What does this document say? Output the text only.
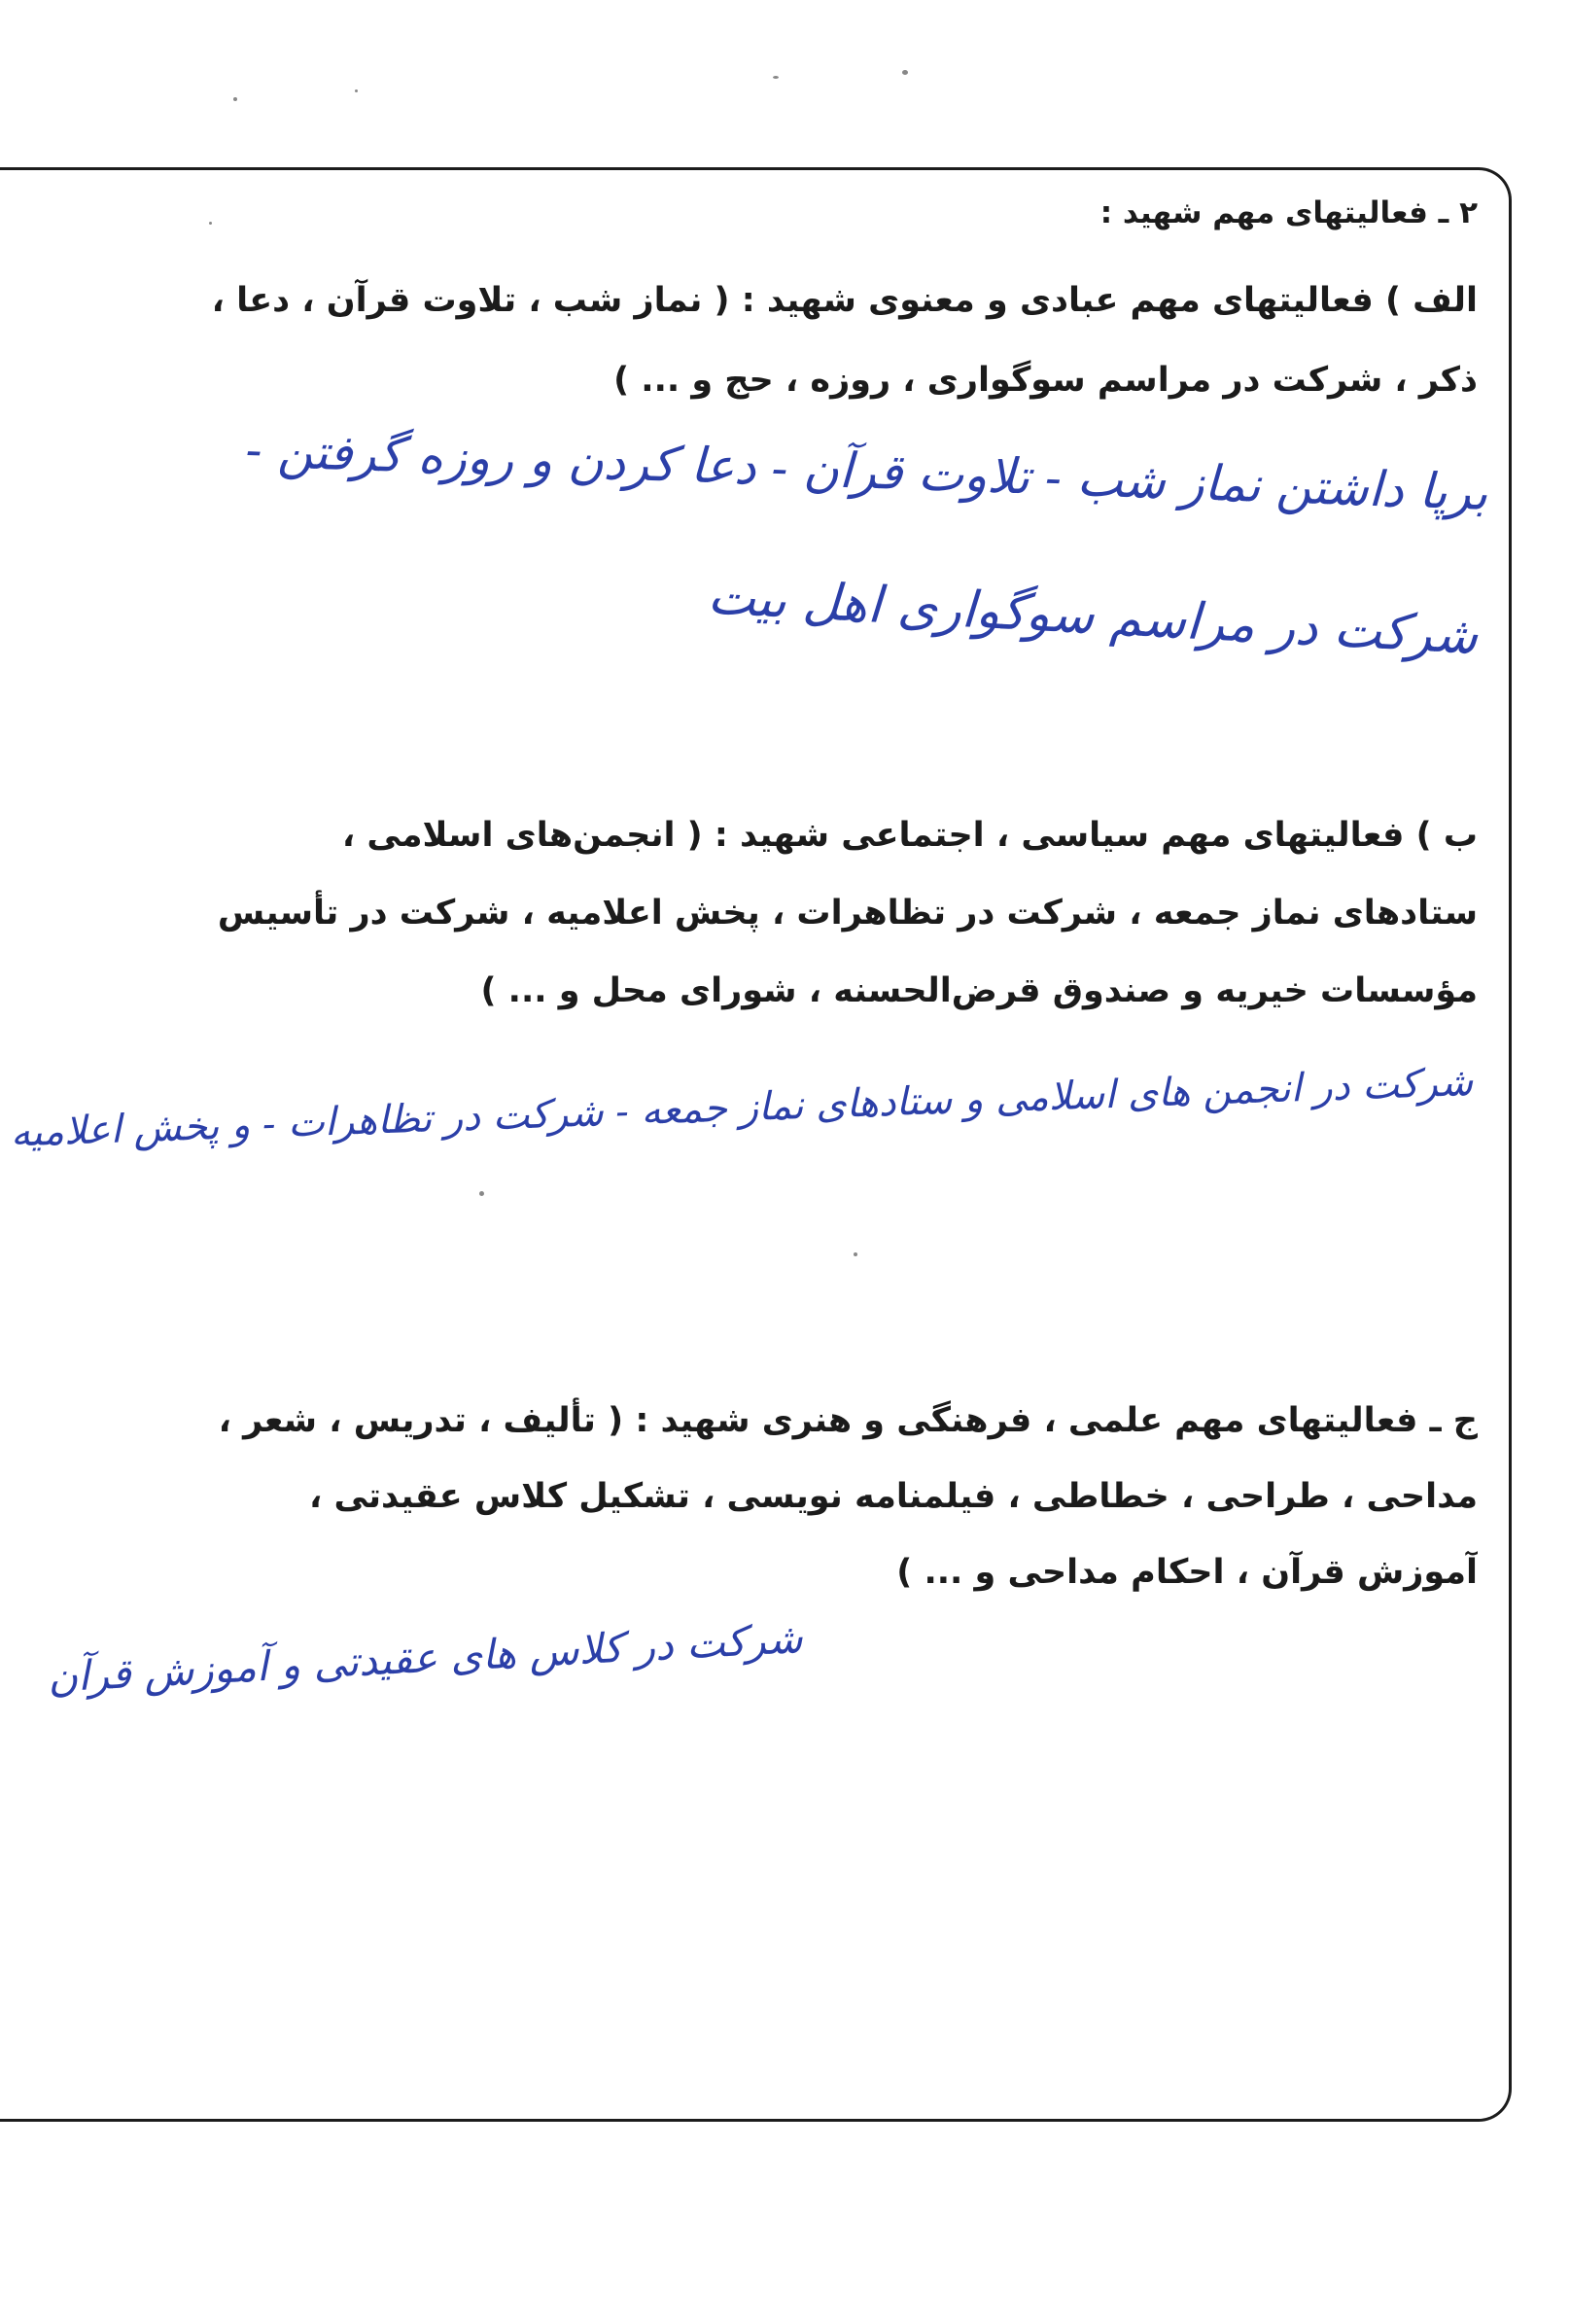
۲ ـ فعالیتهای مهم شهید :
الف ) فعالیتهای مهم عبادی و معنوی شهید : ( نماز شب ، تلاوت قرآن ، دعا ،
ذکر ، شرکت در مراسم سوگواری ، روزه ، حج و ... )
برپا داشتن نماز شب - تلاوت قرآن - دعا کردن و روزه گرفتن -
شرکت در مراسم سوگواری اهل بیت
ب ) فعالیتهای مهم سیاسی ، اجتماعی شهید : ( انجمن‌های اسلامی ،
ستادهای نماز جمعه ، شرکت در تظاهرات ، پخش اعلامیه ، شرکت در تأسیس
مؤسسات خیریه و صندوق قرض‌الحسنه ، شورای محل و ... )
شرکت در انجمن های اسلامی و ستادهای نماز جمعه - شرکت در تظاهرات - و پخش اعلامیه
ج ـ فعالیتهای مهم علمی ، فرهنگی و هنری شهید : ( تألیف ، تدریس ، شعر ،
مداحی ، طراحی ، خطاطی ، فیلمنامه نویسی ، تشکیل کلاس عقیدتی ،
آموزش قرآن ، احکام مداحی و ... )
شرکت در کلاس های عقیدتی و آموزش قرآن
